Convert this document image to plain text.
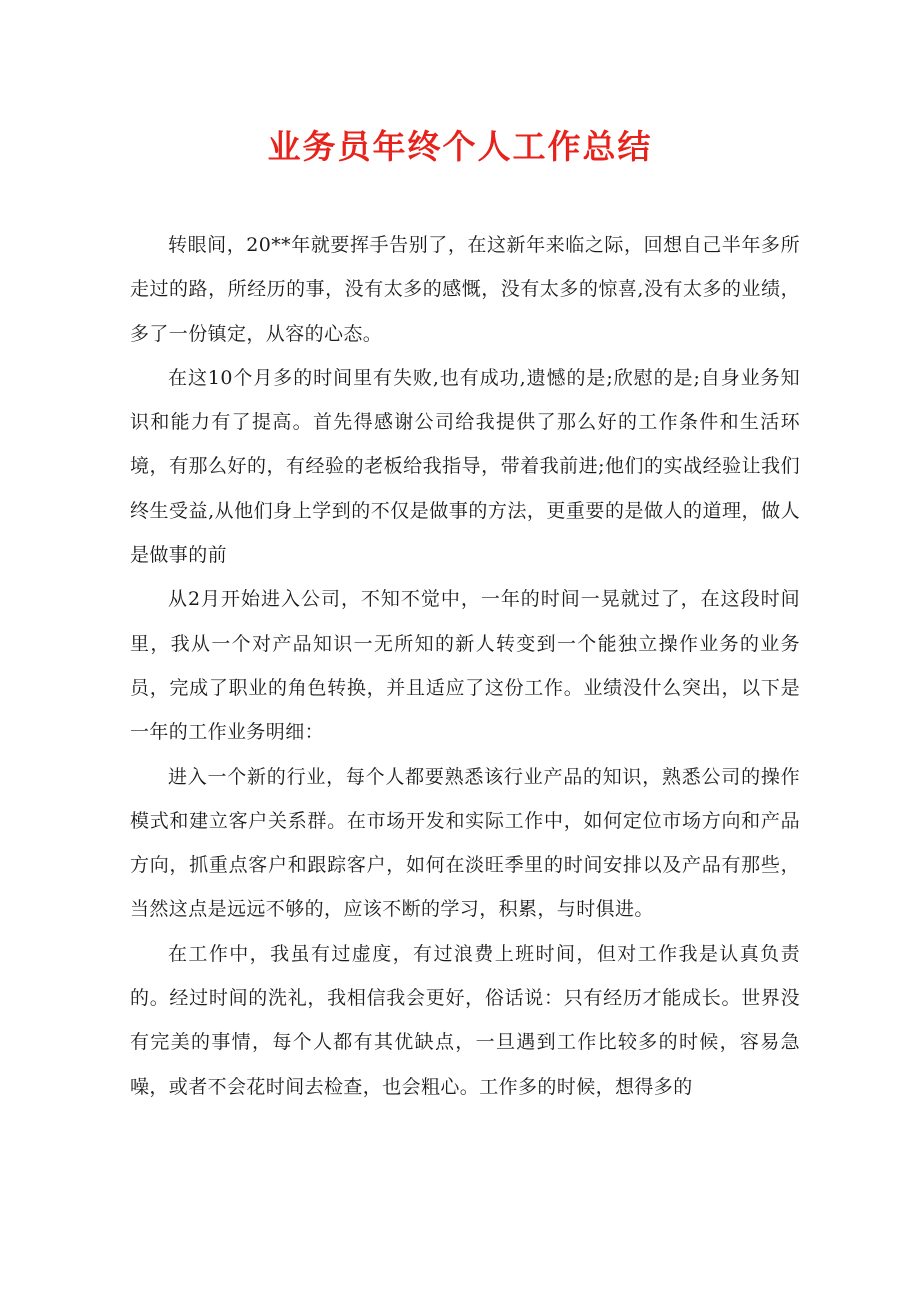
业务员年终个人工作总结

转眼间，20**年就要挥手告别了，在这新年来临之际，回想自己半年多所走过的路，所经历的事，没有太多的感慨，没有太多的惊喜,没有太多的业绩，多了一份镇定，从容的心态。

在这10个月多的时间里有失败,也有成功,遗憾的是;欣慰的是;自身业务知识和能力有了提高。首先得感谢公司给我提供了那么好的工作条件和生活环境，有那么好的，有经验的老板给我指导，带着我前进;他们的实战经验让我们终生受益,从他们身上学到的不仅是做事的方法，更重要的是做人的道理，做人是做事的前

从2月开始进入公司，不知不觉中，一年的时间一晃就过了，在这段时间里，我从一个对产品知识一无所知的新人转变到一个能独立操作业务的业务员，完成了职业的角色转换，并且适应了这份工作。业绩没什么突出，以下是一年的工作业务明细：

进入一个新的行业，每个人都要熟悉该行业产品的知识，熟悉公司的操作模式和建立客户关系群。在市场开发和实际工作中，如何定位市场方向和产品方向，抓重点客户和跟踪客户，如何在淡旺季里的时间安排以及产品有那些，当然这点是远远不够的，应该不断的学习，积累，与时俱进。

在工作中，我虽有过虚度，有过浪费上班时间，但对工作我是认真负责的。经过时间的洗礼，我相信我会更好，俗话说：只有经历才能成长。世界没有完美的事情，每个人都有其优缺点，一旦遇到工作比较多的时候，容易急噪，或者不会花时间去检查，也会粗心。工作多的时候，想得多的
